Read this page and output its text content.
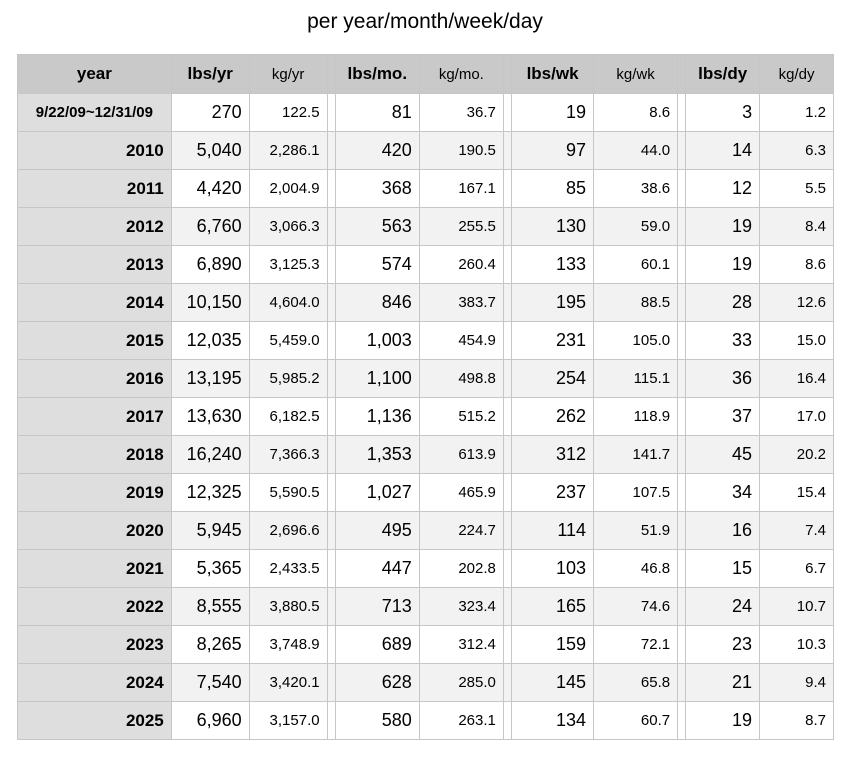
per year/month/week/day
year	lbs/yr	kg/yr		lbs/mo.	kg/mo.		lbs/wk	kg/wk		lbs/dy	kg/dy
9/22/09~12/31/09	270	122.5		81	36.7		19	8.6		3	1.2
2010	5,040	2,286.1		420	190.5		97	44.0		14	6.3
2011	4,420	2,004.9		368	167.1		85	38.6		12	5.5
2012	6,760	3,066.3		563	255.5		130	59.0		19	8.4
2013	6,890	3,125.3		574	260.4		133	60.1		19	8.6
2014	10,150	4,604.0		846	383.7		195	88.5		28	12.6
2015	12,035	5,459.0		1,003	454.9		231	105.0		33	15.0
2016	13,195	5,985.2		1,100	498.8		254	115.1		36	16.4
2017	13,630	6,182.5		1,136	515.2		262	118.9		37	17.0
2018	16,240	7,366.3		1,353	613.9		312	141.7		45	20.2
2019	12,325	5,590.5		1,027	465.9		237	107.5		34	15.4
2020	5,945	2,696.6		495	224.7		114	51.9		16	7.4
2021	5,365	2,433.5		447	202.8		103	46.8		15	6.7
2022	8,555	3,880.5		713	323.4		165	74.6		24	10.7
2023	8,265	3,748.9		689	312.4		159	72.1		23	10.3
2024	7,540	3,420.1		628	285.0		145	65.8		21	9.4
2025	6,960	3,157.0		580	263.1		134	60.7		19	8.7
